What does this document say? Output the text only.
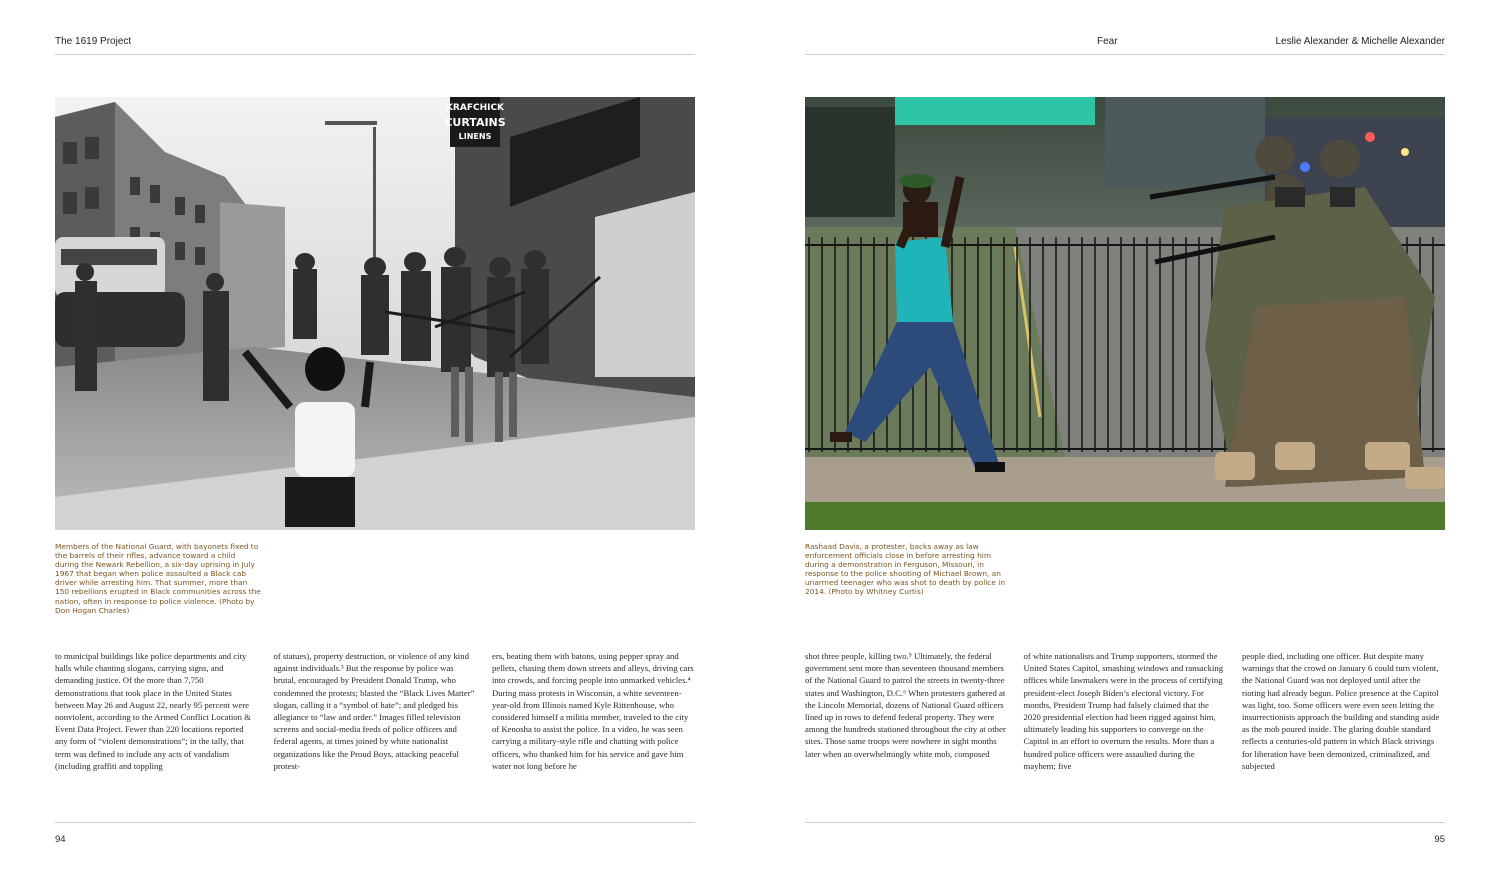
The 1619 Project
KRAFCHICK
CURTAINS
LINENS
Members of the National Guard, with bayonets fixed to the barrels of their rifles, advance toward a child during the Newark Rebellion, a six-day uprising in July 1967 that began when police assaulted a Black cab driver while arresting him. That summer, more than 150 rebellions erupted in Black communities across the nation, often in response to police violence. (Photo by Don Hogan Charles)
to municipal buildings like police departments and city halls while chanting slogans, carrying signs, and demanding justice. Of the more than 7,750 demonstrations that took place in the United States between May 26 and August 22, nearly 95 percent were nonviolent, according to the Armed Conflict Location & Event Data Project. Fewer than 220 locations reported any form of “violent demonstrations”; in the tally, that term was defined to include any acts of vandalism (including graffiti and toppling
of statues), property destruction, or violence of any kind against individuals.³ But the response by police was brutal, encouraged by President Donald Trump, who condemned the protests; blasted the “Black Lives Matter” slogan, calling it a “symbol of hate”; and pledged his allegiance to “law and order.” Images filled television screens and social-media feeds of police officers and federal agents, at times joined by white nationalist organizations like the Proud Boys, attacking peaceful protest-
ers, beating them with batons, using pepper spray and pellets, chasing them down streets and alleys, driving cars into crowds, and forcing people into unmarked vehicles.⁴ During mass protests in Wisconsin, a white seventeen-year-old from Illinois named Kyle Rittenhouse, who considered himself a militia member, traveled to the city of Kenosha to assist the police. In a video, he was seen carrying a military-style rifle and chatting with police officers, who thanked him for his service and gave him water not long before he
94
Fear	Leslie Alexander & Michelle Alexander
Rashaad Davis, a protester, backs away as law enforcement officials close in before arresting him during a demonstration in Ferguson, Missouri, in response to the police shooting of Michael Brown, an unarmed teenager who was shot to death by police in 2014. (Photo by Whitney Curtis)
shot three people, killing two.⁵ Ultimately, the federal government sent more than seventeen thousand members of the National Guard to patrol the streets in twenty-three states and Washington, D.C.⁶ When protesters gathered at the Lincoln Memorial, dozens of National Guard officers lined up in rows to defend federal property. They were among the hundreds stationed throughout the city at other sites. Those same troops were nowhere in sight months later when an overwhelmingly white mob, composed
of white nationalists and Trump supporters, stormed the United States Capitol, smashing windows and ransacking offices while lawmakers were in the process of certifying president-elect Joseph Biden’s electoral victory. For months, President Trump had falsely claimed that the 2020 presidential election had been rigged against him, ultimately leading his supporters to converge on the Capitol in an effort to overturn the results. More than a hundred police officers were assaulted during the mayhem; five
people died, including one officer. But despite many warnings that the crowd on January 6 could turn violent, the National Guard was not deployed until after the rioting had already begun. Police presence at the Capitol was light, too. Some officers were even seen letting the insurrectionists approach the building and standing aside as the mob poured inside. The glaring double standard reflects a centuries-old pattern in which Black strivings for liberation have been demonized, criminalized, and subjected
95
